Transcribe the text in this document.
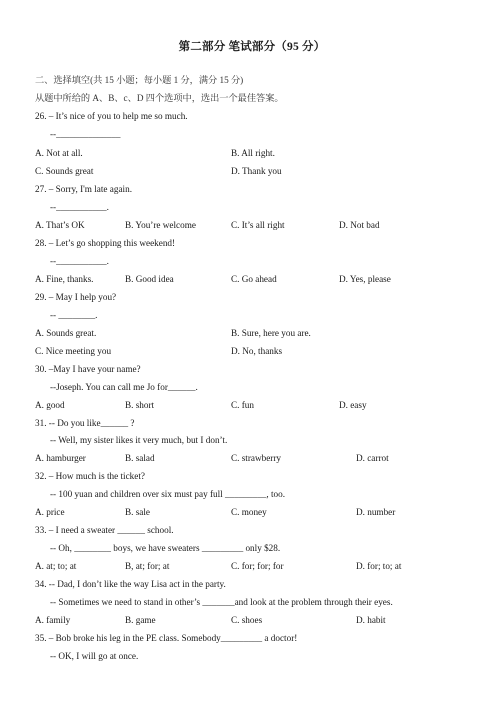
第二部分 笔试部分（95 分）
二、选择填空(共 15 小题；每小题 1 分，满分 15 分)
从题中所给的 A、B、c、D 四个选项中，选出一个最佳答案。
26. – It’s nice of you to help me so much.
--______________
A. Not at all.	B. All right.
C. Sounds great	D. Thank you
27. – Sorry, I'm late again.
--___________.
A. That’s OK	B. You’re welcome	C. It’s all right	D. Not bad
28. – Let’s go shopping this weekend!
--___________.
A. Fine, thanks.	B. Good idea	C. Go ahead	D. Yes, please
29. – May I help you?
-- ________.
A. Sounds great.	B. Sure, here you are.
C. Nice meeting you	D. No, thanks
30. –May I have your name?
--Joseph. You can call me Jo for______.
A. good	B. short	C. fun	D. easy
31. -- Do you like______ ?
-- Well, my sister likes it very much, but I don’t.
A. hamburger	B. salad	C. strawberry	D. carrot
32. – How much is the ticket?
-- 100 yuan and children over six must pay full _________, too.
A. price	B. sale	C. money	D. number
33. – I need a sweater ______ school.
-- Oh, ________ boys, we have sweaters _________ only $28.
A. at; to; at	B, at; for; at	C. for; for; for	D. for; to; at
34. -- Dad, I don’t like the way Lisa act in the party.
-- Sometimes we need to stand in other’s _______and look at the problem through their eyes.
A. family	B. game	C. shoes	D. habit
35. – Bob broke his leg in the PE class. Somebody_________ a doctor!
-- OK, I will go at once.
